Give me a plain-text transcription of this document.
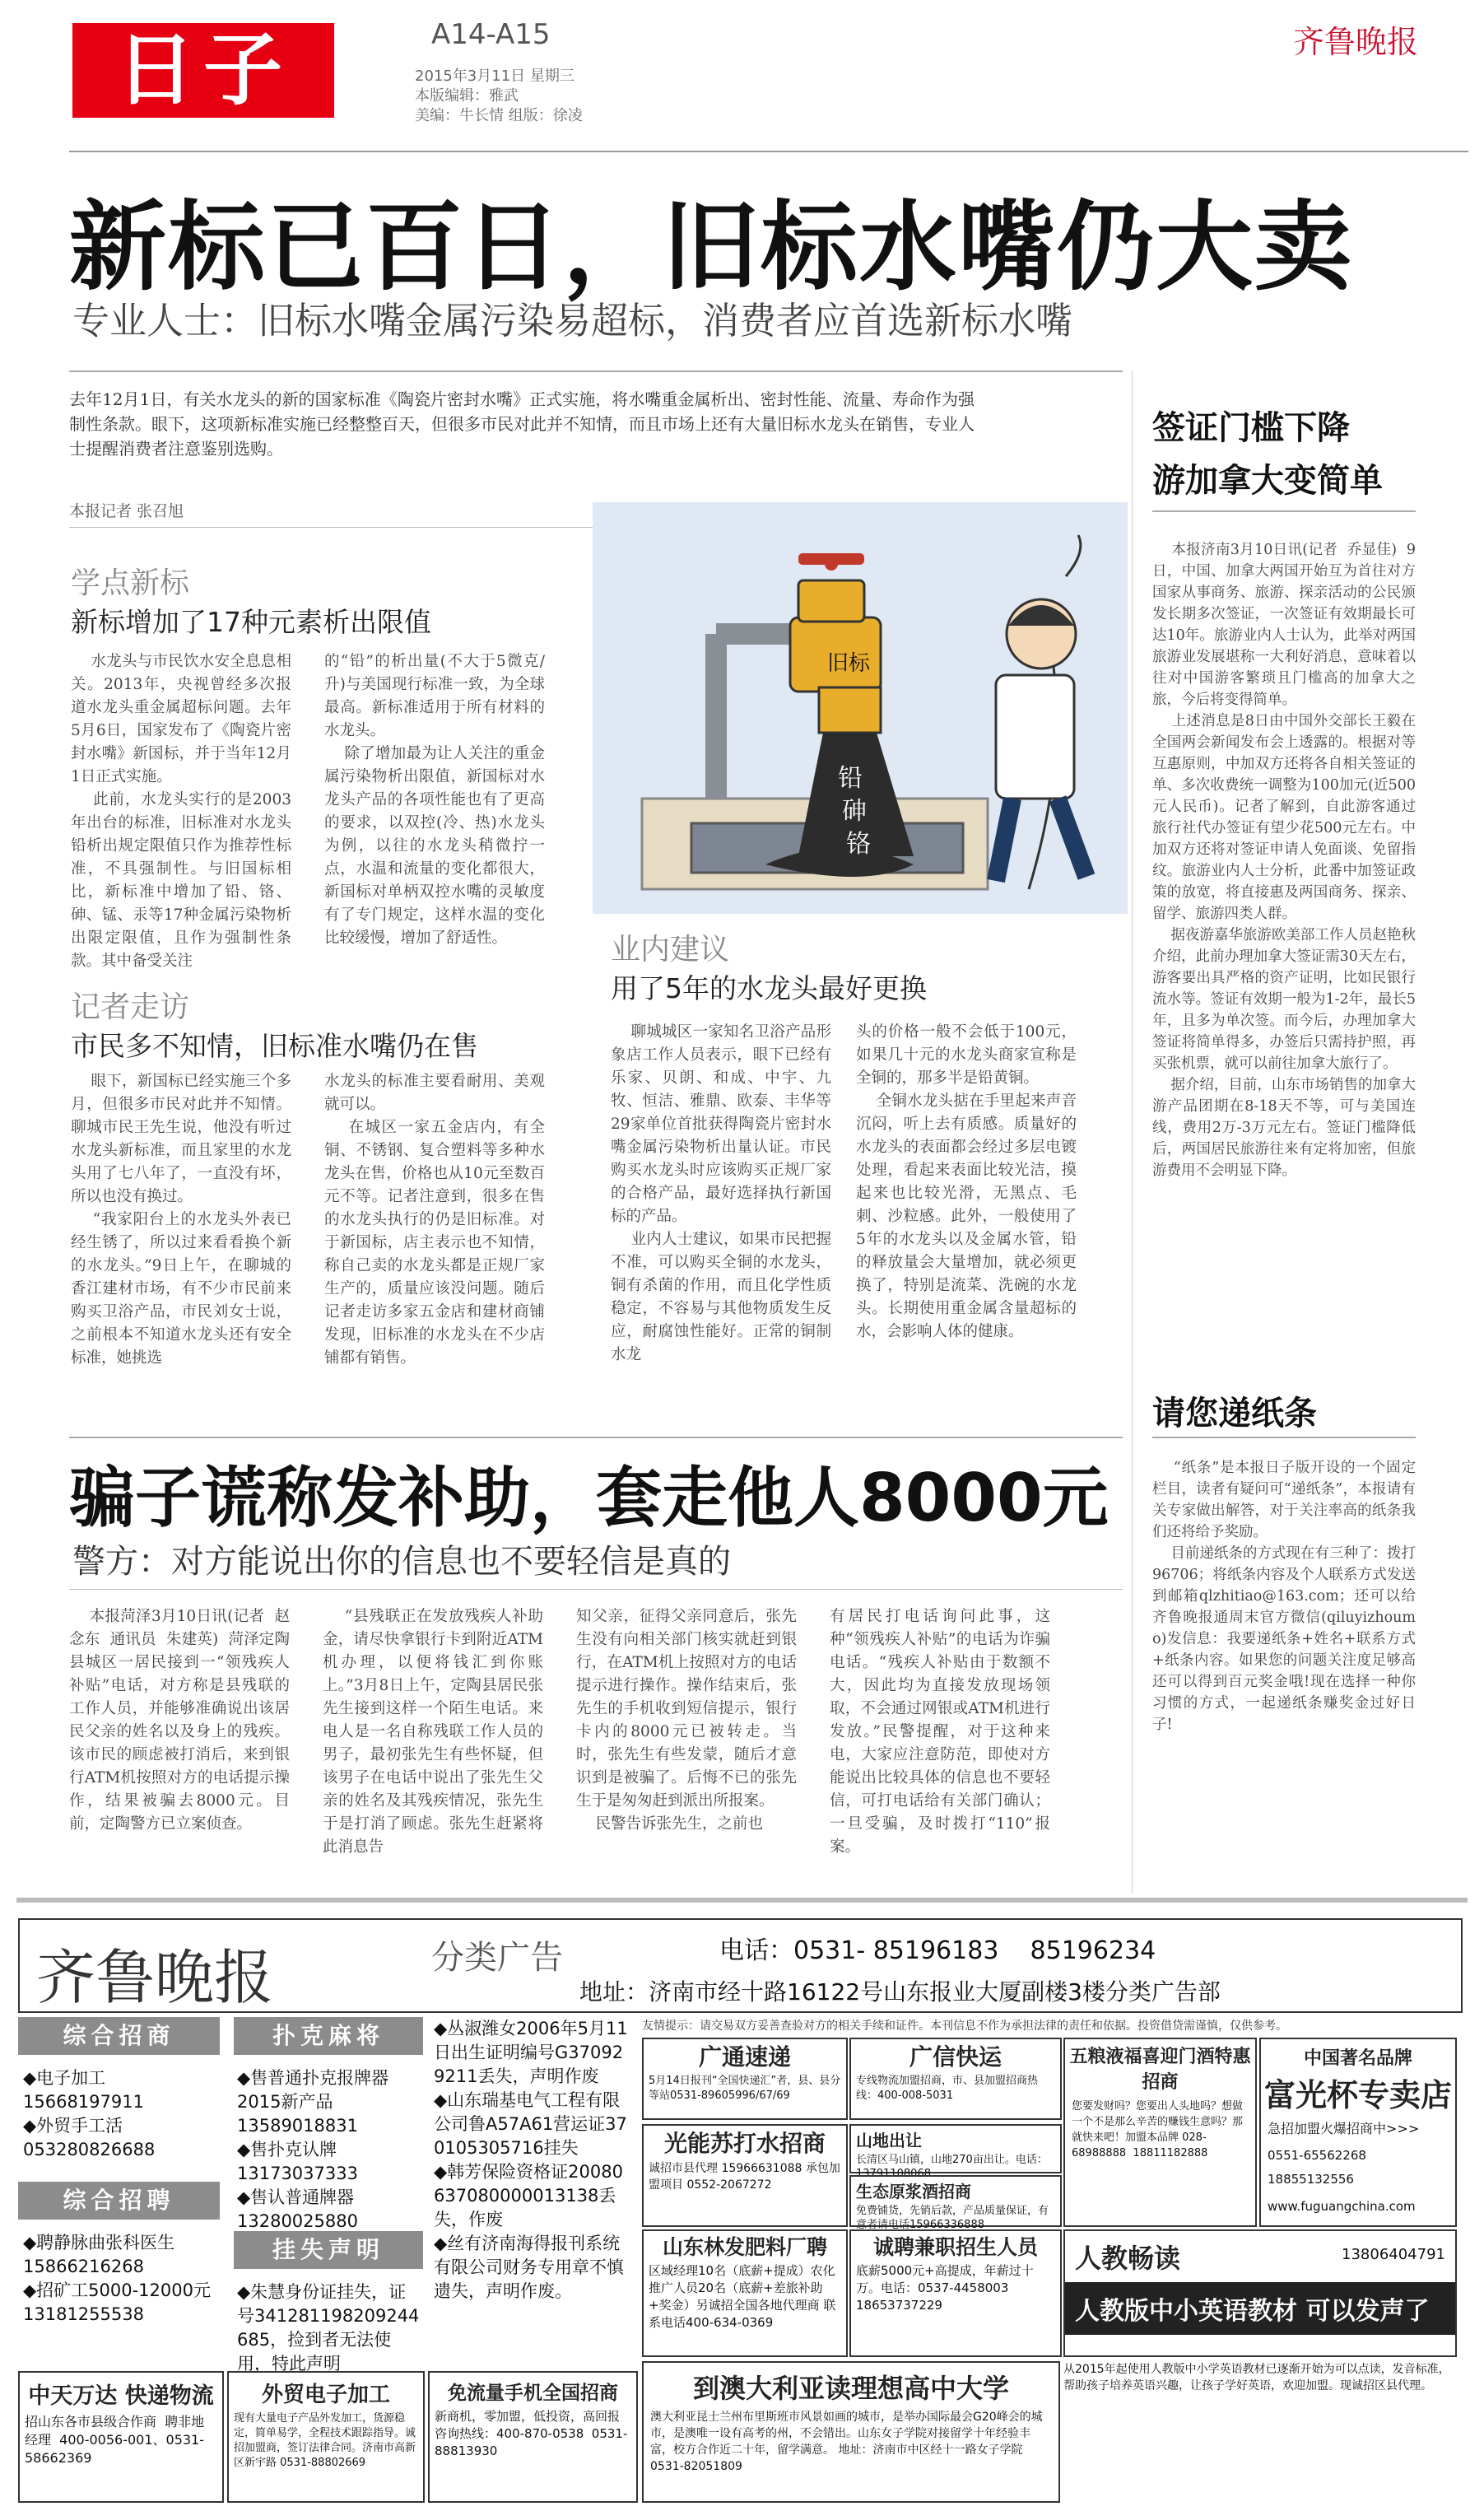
日子	A14-A15
2015年3月11日 星期三
本版编辑：雅武
美编：牛长情 组版：徐凌
齐鲁晚报
新标已百日，旧标水嘴仍大卖
专业人士：旧标水嘴金属污染易超标，消费者应首选新标水嘴
去年12月1日，有关水龙头的新的国家标准《陶瓷片密封水嘴》正式实施，将水嘴重金属析出、密封性能、流量、寿命作为强制性条款。眼下，这项新标准实施已经整整百天，但很多市民对此并不知情，而且市场上还有大量旧标水龙头在销售，专业人士提醒消费者注意鉴别选购。
本报记者 张召旭
学点新标
新标增加了17种元素析出限值
水龙头与市民饮水安全息息相关。2013年，央视曾经多次报道水龙头重金属超标问题。去年5月6日，国家发布了《陶瓷片密封水嘴》新国标，并于当年12月1日正式实施。
此前，水龙头实行的是2003年出台的标准，旧标准对水龙头铅析出规定限值只作为推荐性标准，不具强制性。与旧国标相比，新标准中增加了铅、铬、砷、锰、汞等17种金属污染物析出限定限值，且作为强制性条款。其中备受关注
的“铅”的析出量(不大于5微克/升)与美国现行标准一致，为全球最高。新标准适用于所有材料的水龙头。
除了增加最为让人关注的重金属污染物析出限值，新国标对水龙头产品的各项性能也有了更高的要求，以双控(冷、热)水龙头为例，以往的水龙头稍微拧一点，水温和流量的变化都很大，新国标对单柄双控水嘴的灵敏度有了专门规定，这样水温的变化比较缓慢，增加了舒适性。
旧标
铅
砷
铬
记者走访
市民多不知情，旧标准水嘴仍在售
眼下，新国标已经实施三个多月，但很多市民对此并不知情。聊城市民王先生说，他没有听过水龙头新标准，而且家里的水龙头用了七八年了，一直没有坏，所以也没有换过。
“我家阳台上的水龙头外表已经生锈了，所以过来看看换个新的水龙头。”9日上午，在聊城的香江建材市场，有不少市民前来购买卫浴产品，市民刘女士说，之前根本不知道水龙头还有安全标准，她挑选
水龙头的标准主要看耐用、美观就可以。
在城区一家五金店内，有全铜、不锈钢、复合塑料等多种水龙头在售，价格也从10元至数百元不等。记者注意到，很多在售的水龙头执行的仍是旧标准。对于新国标，店主表示也不知情，称自己卖的水龙头都是正规厂家生产的，质量应该没问题。随后记者走访多家五金店和建材商铺发现，旧标准的水龙头在不少店铺都有销售。
业内建议
用了5年的水龙头最好更换
聊城城区一家知名卫浴产品形象店工作人员表示，眼下已经有乐家、贝朗、和成、中宇、九牧、恒洁、雅鼎、欧泰、丰华等29家单位首批获得陶瓷片密封水嘴金属污染物析出量认证。市民购买水龙头时应该购买正规厂家的合格产品，最好选择执行新国标的产品。
业内人士建议，如果市民把握不准，可以购买全铜的水龙头，铜有杀菌的作用，而且化学性质稳定，不容易与其他物质发生反应，耐腐蚀性能好。正常的铜制水龙
头的价格一般不会低于100元，如果几十元的水龙头商家宣称是全铜的，那多半是铅黄铜。
全铜水龙头掂在手里起来声音沉闷，听上去有质感。质量好的水龙头的表面都会经过多层电镀处理，看起来表面比较光洁，摸起来也比较光滑，无黑点、毛刺、沙粒感。此外，一般使用了5年的水龙头以及金属水管，铅的释放量会大量增加，就必须更换了，特别是流菜、洗碗的水龙头。长期使用重金属含量超标的水，会影响人体的健康。
签证门槛下降
游加拿大变简单
本报济南3月10日讯(记者  乔显佳)  9日，中国、加拿大两国开始互为首往对方国家从事商务、旅游、探亲活动的公民颁发长期多次签证，一次签证有效期最长可达10年。旅游业内人士认为，此举对两国旅游业发展堪称一大利好消息，意味着以往对中国游客繁琐且门槛高的加拿大之旅，今后将变得简单。
上述消息是8日由中国外交部长王毅在全国两会新闻发布会上透露的。根据对等互惠原则，中加双方还将各自相关签证的单、多次收费统一调整为100加元(近500元人民币)。记者了解到，自此游客通过旅行社代办签证有望少花500元左右。中加双方还将对签证申请人免面谈、免留指纹。旅游业内人士分析，此番中加签证政策的放宽，将直接惠及两国商务、探亲、留学、旅游四类人群。
据夜游嘉华旅游欧美部工作人员赵艳秋介绍，此前办理加拿大签证需30天左右，游客要出具严格的资产证明，比如民银行流水等。签证有效期一般为1-2年，最长5年，且多为单次签。而今后，办理加拿大签证将简单得多，办签后只需持护照，再买张机票，就可以前往加拿大旅行了。
据介绍，目前，山东市场销售的加拿大游产品团期在8-18天不等，可与美国连线，费用2万-3万元左右。签证门槛降低后，两国居民旅游往来有定将加密，但旅游费用不会明显下降。
请您递纸条
“纸条”是本报日子版开设的一个固定栏目，读者有疑问可“递纸条”，本报请有关专家做出解答，对于关注率高的纸条我们还将给予奖励。
目前递纸条的方式现在有三种了：拨打96706；将纸条内容及个人联系方式发送到邮箱qlzhitiao@163.com；还可以给齐鲁晚报通周末官方微信(qiluyizhoumo)发信息：我要递纸条+姓名+联系方式+纸条内容。如果您的问题关注度足够高还可以得到百元奖金哦!现在选择一种你习惯的方式，一起递纸条赚奖金过好日子!
骗子谎称发补助，套走他人8000元
警方：对方能说出你的信息也不要轻信是真的
本报菏泽3月10日讯(记者  赵念东  通讯员  朱建英)  菏泽定陶县城区一居民接到一“领残疾人补贴”电话，对方称是县残联的工作人员，并能够准确说出该居民父亲的姓名以及身上的残疾。该市民的顾虑被打消后，来到银行ATM机按照对方的电话提示操作，结果被骗去8000元。目前，定陶警方已立案侦查。
“县残联正在发放残疾人补助金，请尽快拿银行卡到附近ATM机办理，以便将钱汇到你账上。”3月8日上午，定陶县居民张先生接到这样一个陌生电话。来电人是一名自称残联工作人员的男子，最初张先生有些怀疑，但该男子在电话中说出了张先生父亲的姓名及其残疾情况，张先生于是打消了顾虑。张先生赶紧将此消息告
知父亲，征得父亲同意后，张先生没有向相关部门核实就赶到银行，在ATM机上按照对方的电话提示进行操作。操作结束后，张先生的手机收到短信提示，银行卡内的8000元已被转走。当时，张先生有些发蒙，随后才意识到是被骗了。后悔不已的张先生于是匆匆赶到派出所报案。
民警告诉张先生，之前也
有居民打电话询问此事，这种“领残疾人补贴”的电话为诈骗电话。“残疾人补贴由于数额不大，因此均为直接发放现场领取，不会通过网银或ATM机进行发放。”民警提醒，对于这种来电，大家应注意防范，即使对方能说出比较具体的信息也不要轻信，可打电话给有关部门确认；一旦受骗，及时拨打“110”报案。
齐鲁晚报	分类广告	电话：0531- 85196183    85196234
地址：济南市经十路16122号山东报业大厦副楼3楼分类广告部
综合招商
◆电子加工15668197911
◆外贸手工活
053280826688
综合招聘
◆聘静脉曲张科医生
15866216268
◆招矿工5000-12000元
13181255538
扑克麻将
◆售普通扑克报牌器
2015新产品13589018831
◆售扑克认牌
13173037333
◆售认普通牌器
13280025880
挂失声明
◆朱慧身份证挂失，证号341281198209244685，捡到者无法使用，特此声明
◆丛淑潍女2006年5月11日出生证明编号G370929211丢失，声明作废
◆山东瑞基电气工程有限公司鲁A57A61营运证370105305716挂失
◆韩芳保险资格证20080637080000013138丢失，作废
◆丝有济南海得报刊系统有限公司财务专用章不慎遗失，声明作废。
友情提示：请交易双方妥善查验对方的相关手续和证件。本刊信息不作为承担法律的责任和依据。投资借贷需谨慎，仅供参考。
广通速递
5月14日报刊“全国快递汇”者，县、县分等站0531-89605996/67/69
广信快运
专线物流加盟招商，市、县加盟招商热线：400-008-5031
五粮液福喜迎门酒特惠招商
您要发财吗？您要出人头地吗？想做一个不是那么辛苦的赚钱生意吗？那就快来吧！加盟本品牌 028-68988888  18811182888
中国著名品牌
富光杯专卖店
急招加盟火爆招商中>>>
0551-65562268  18855132556
www.fuguangchina.com
光能苏打水招商
诚招市县代理 15966631088 承包加盟项目 0552-2067272
山地出让
长清区马山镇，山地270亩出让。电话：13791108068
生态原浆酒招商
免费铺货，先销后款，产品质量保证，有意者请电话15966336888
山东林发肥料厂聘
区域经理10名（底薪+提成）农化推广人员20名（底薪+差旅补助+奖金）另诚招全国各地代理商 联系电话400-634-0369
诚聘兼职招生人员
底薪5000元+高提成，年薪过十万。电话：0537-4458003  18653737229
人教畅读	13806404791
人教版中小英语教材 可以发声了
从2015年起使用人教版中小学英语教材已逐渐开始为可以点读，发音标准，帮助孩子培养英语兴趣，让孩子学好英语，欢迎加盟。现诚招区县代理。
中天万达 快递物流
招山东各市县级合作商  聘非地经理  400-0056-001、0531-58662369
外贸电子加工
现有大量电子产品外发加工，货源稳定，简单易学，全程技术跟踪指导。诚招加盟商，签订法律合同。济南市高新区新宇路 0531-88802669
免流量手机全国招商
新商机，零加盟，低投资，高回报  咨询热线：400-870-0538  0531-88813930
到澳大利亚读理想高中大学
澳大利亚昆士兰州布里斯班市风景如画的城市，是举办国际最会G20峰会的城市，是澳唯一设有高考的州，不会错出。山东女子学院对接留学十年经验丰富，校方合作近二十年，留学满意。 地址：济南市中区经十一路女子学院 0531-82051809
